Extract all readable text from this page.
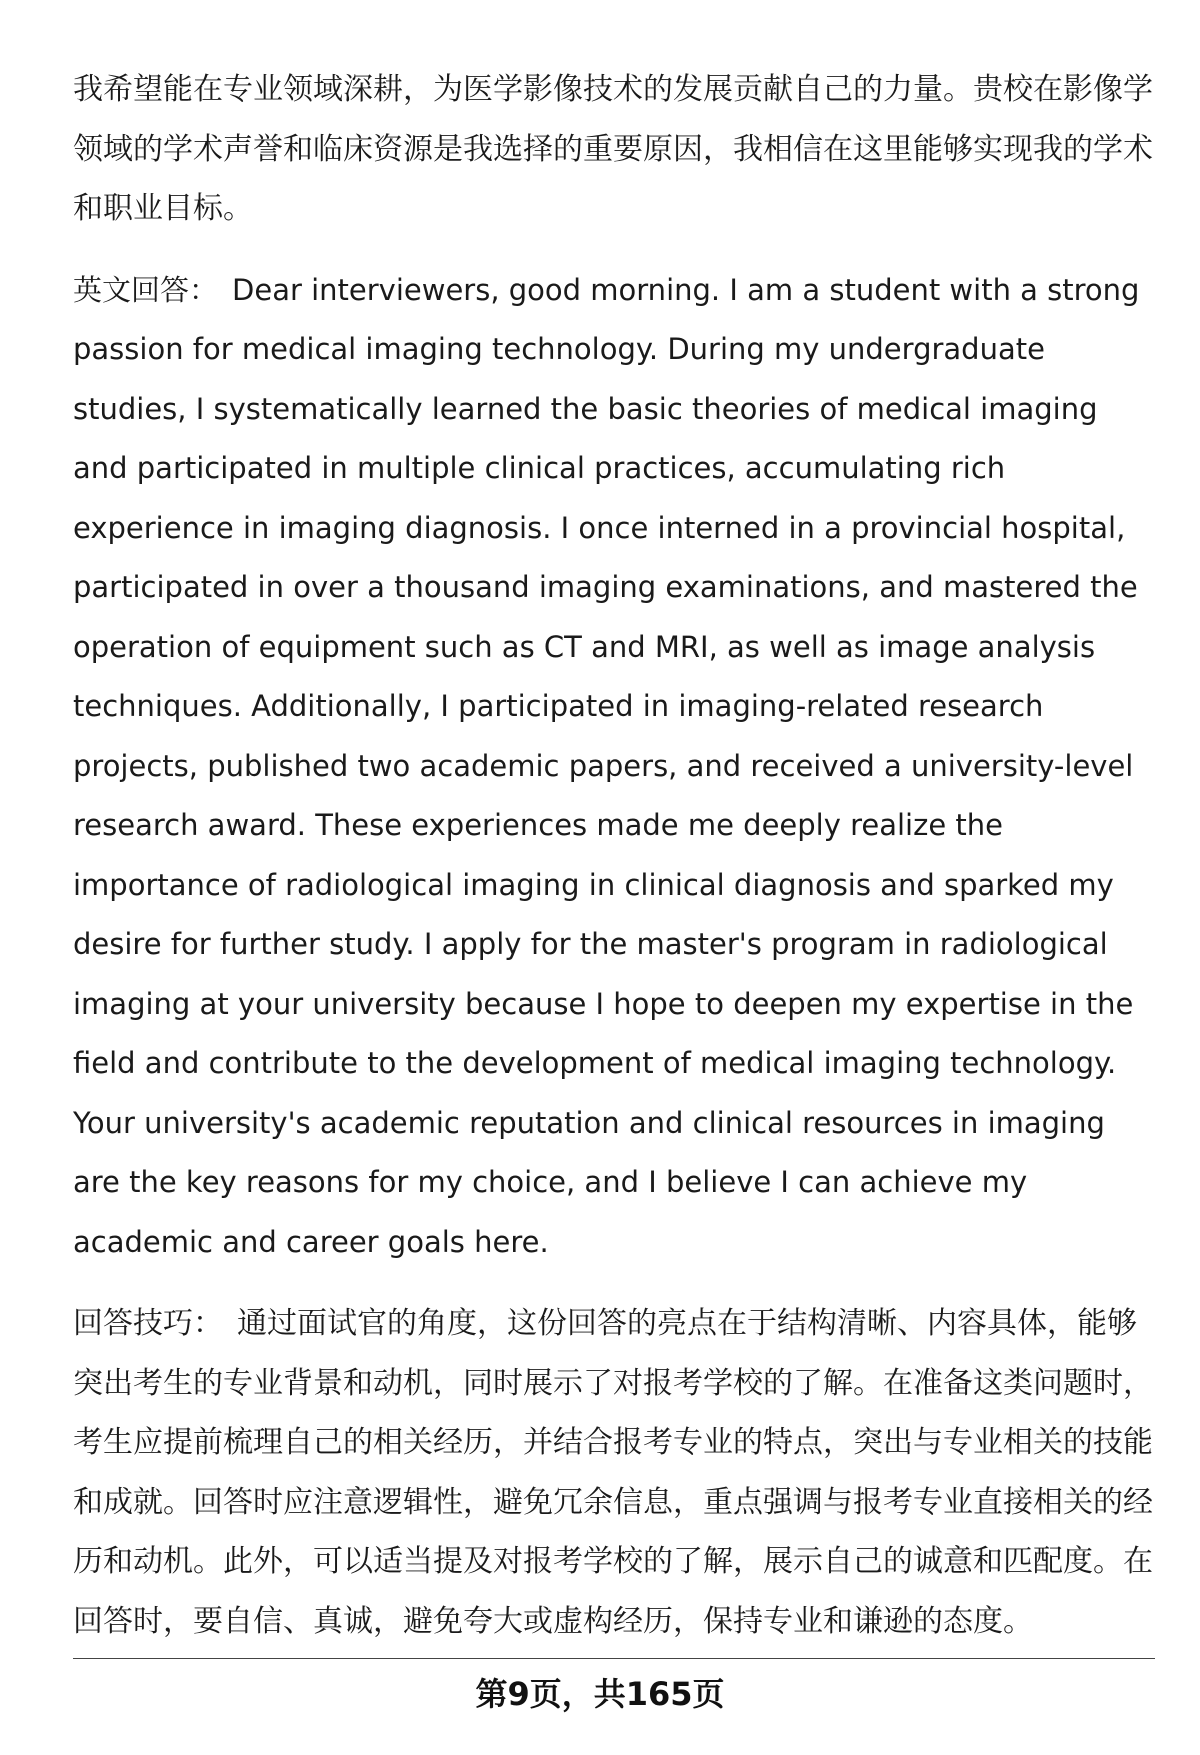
我希望能在专业领域深耕，为医学影像技术的发展贡献自己的力量。贵校在影像学领域的学术声誉和临床资源是我选择的重要原因，我相信在这里能够实现我的学术和职业目标。

英文回答： Dear interviewers, good morning. I am a student with a strong passion for medical imaging technology. During my undergraduate studies, I systematically learned the basic theories of medical imaging and participated in multiple clinical practices, accumulating rich experience in imaging diagnosis. I once interned in a provincial hospital, participated in over a thousand imaging examinations, and mastered the operation of equipment such as CT and MRI, as well as image analysis techniques. Additionally, I participated in imaging-related research projects, published two academic papers, and received a university-level research award. These experiences made me deeply realize the importance of radiological imaging in clinical diagnosis and sparked my desire for further study. I apply for the master's program in radiological imaging at your university because I hope to deepen my expertise in the field and contribute to the development of medical imaging technology. Your university's academic reputation and clinical resources in imaging are the key reasons for my choice, and I believe I can achieve my academic and career goals here.

回答技巧： 通过面试官的角度，这份回答的亮点在于结构清晰、内容具体，能够突出考生的专业背景和动机，同时展示了对报考学校的了解。在准备这类问题时，考生应提前梳理自己的相关经历，并结合报考专业的特点，突出与专业相关的技能和成就。回答时应注意逻辑性，避免冗余信息，重点强调与报考专业直接相关的经历和动机。此外，可以适当提及对报考学校的了解，展示自己的诚意和匹配度。在回答时，要自信、真诚，避免夸大或虚构经历，保持专业和谦逊的态度。

第9页，共165页
